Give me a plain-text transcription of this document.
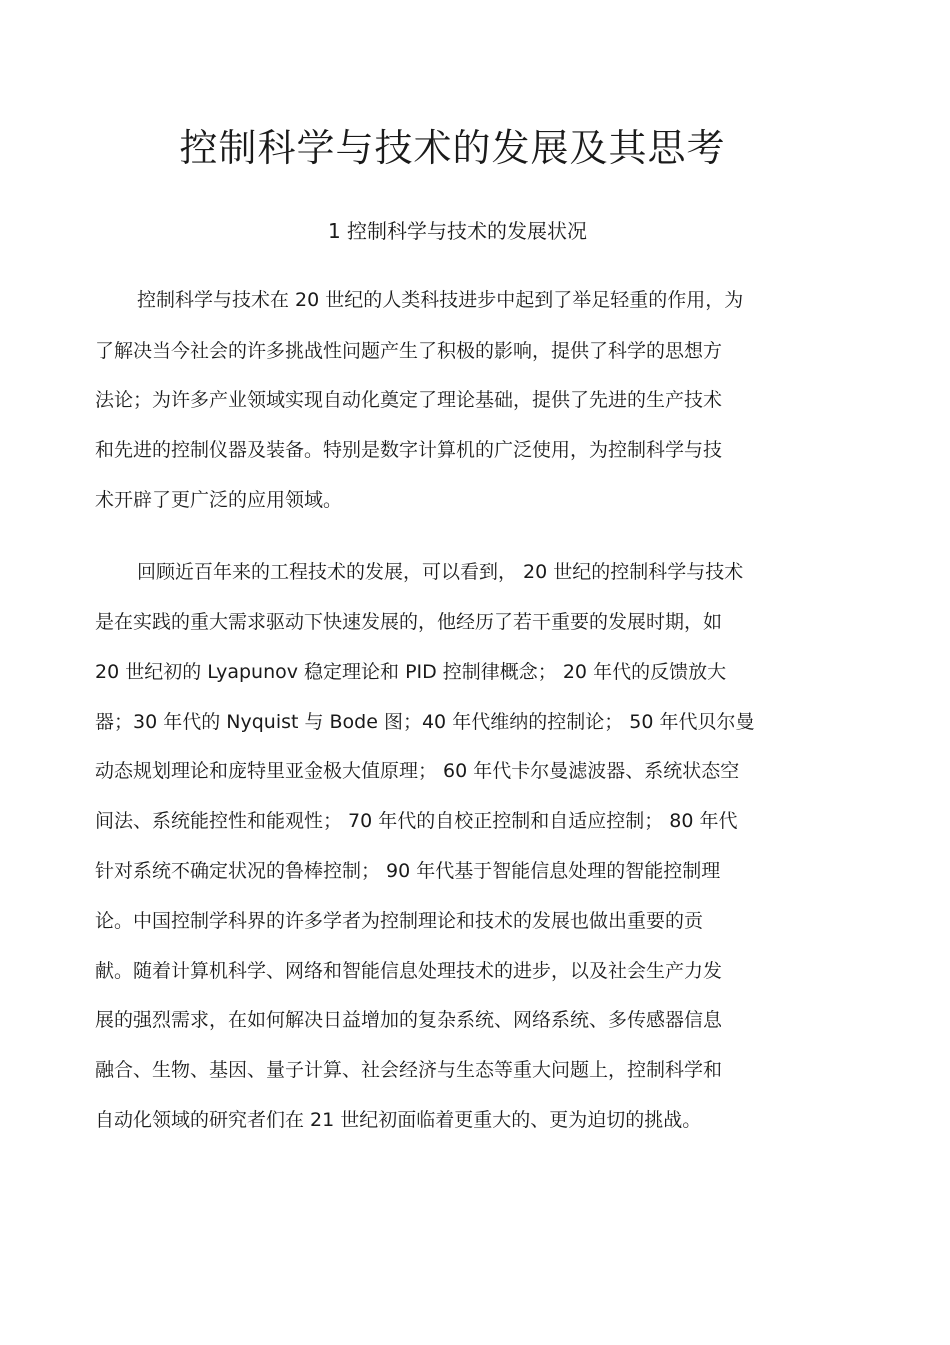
控制科学与技术的发展及其思考
1 控制科学与技术的发展状况

控制科学与技术在 20 世纪的人类科技进步中起到了举足轻重的作用，为

了解决当今社会的许多挑战性问题产生了积极的影响，提供了科学的思想方

法论；为许多产业领域实现自动化奠定了理论基础，提供了先进的生产技术

和先进的控制仪器及装备。特别是数字计算机的广泛使用，为控制科学与技

术开辟了更广泛的应用领域。

回顾近百年来的工程技术的发展，可以看到， 20 世纪的控制科学与技术

是在实践的重大需求驱动下快速发展的，他经历了若干重要的发展时期，如

20 世纪初的 Lyapunov 稳定理论和 PID 控制律概念； 20 年代的反馈放大

器；30 年代的 Nyquist 与 Bode 图；40 年代维纳的控制论； 50 年代贝尔曼

动态规划理论和庞特里亚金极大值原理； 60 年代卡尔曼滤波器、系统状态空

间法、系统能控性和能观性； 70 年代的自校正控制和自适应控制； 80 年代

针对系统不确定状况的鲁棒控制； 90 年代基于智能信息处理的智能控制理

论。中国控制学科界的许多学者为控制理论和技术的发展也做出重要的贡

献。随着计算机科学、网络和智能信息处理技术的进步，以及社会生产力发

展的强烈需求，在如何解决日益增加的复杂系统、网络系统、多传感器信息

融合、生物、基因、量子计算、社会经济与生态等重大问题上，控制科学和

自动化领域的研究者们在 21 世纪初面临着更重大的、更为迫切的挑战。
